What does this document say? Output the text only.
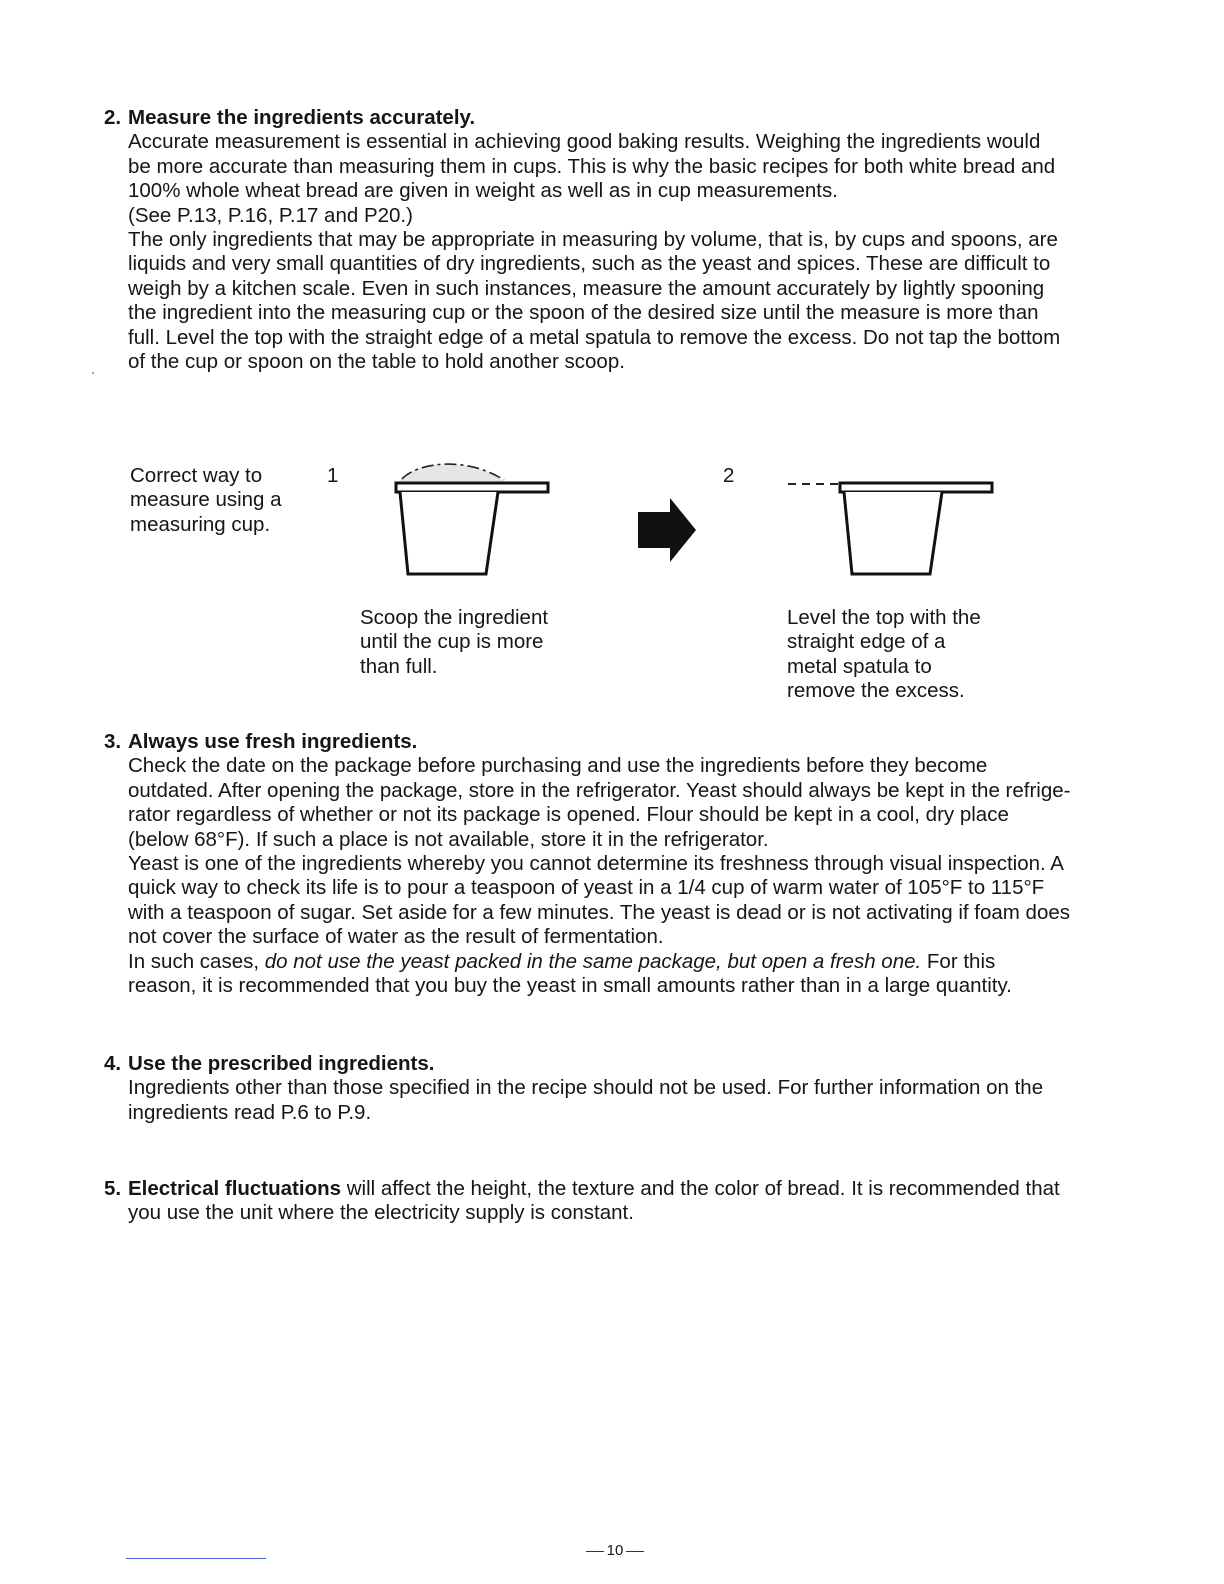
2. Measure the ingredients accurately.
Accurate measurement is essential in achieving good baking results. Weighing the ingredients would
be more accurate than measuring them in cups. This is why the basic recipes for both white bread and
100% whole wheat bread are given in weight as well as in cup measurements.
(See P.13, P.16, P.17 and P20.)
The only ingredients that may be appropriate in measuring by volume, that is, by cups and spoons, are
liquids and very small quantities of dry ingredients, such as the yeast and spices. These are difficult to
weigh by a kitchen scale. Even in such instances, measure the amount accurately by lightly spooning
the ingredient into the measuring cup or the spoon of the desired size until the measure is more than
full. Level the top with the straight edge of a metal spatula to remove the excess. Do not tap the bottom
of the cup or spoon on the table to hold another scoop.
Correct way to
measure using a
measuring cup.
1	2
Scoop the ingredient
until the cup is more
than full.
Level the top with the
straight edge of a
metal spatula to
remove the excess.
3. Always use fresh ingredients.
Check the date on the package before purchasing and use the ingredients before they become
outdated. After opening the package, store in the refrigerator. Yeast should always be kept in the refrige-
rator regardless of whether or not its package is opened. Flour should be kept in a cool, dry place
(below 68°F). If such a place is not available, store it in the refrigerator.
Yeast is one of the ingredients whereby you cannot determine its freshness through visual inspection. A
quick way to check its life is to pour a teaspoon of yeast in a 1/4 cup of warm water of 105°F to 115°F
with a teaspoon of sugar. Set aside for a few minutes. The yeast is dead or is not activating if foam does
not cover the surface of water as the result of fermentation.
In such cases, do not use the yeast packed in the same package, but open a fresh one. For this
reason, it is recommended that you buy the yeast in small amounts rather than in a large quantity.
4. Use the prescribed ingredients.
Ingredients other than those specified in the recipe should not be used. For further information on the
ingredients read P.6 to P.9.
5. Electrical fluctuations will affect the height, the texture and the color of bread. It is recommended that
you use the unit where the electricity supply is constant.
10
